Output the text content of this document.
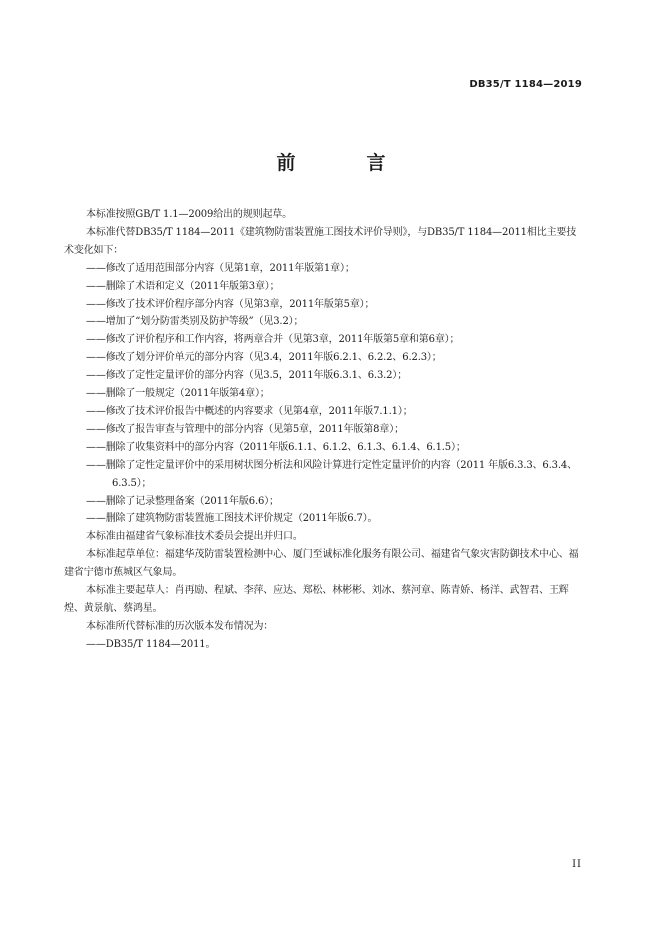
DB35/T 1184—2019
前　言

本标准按照GB/T 1.1—2009给出的规则起草。

本标准代替DB35/T 1184—2011《建筑物防雷装置施工图技术评价导则》，与DB35/T 1184—2011相比主要技术变化如下：

——修改了适用范围部分内容（见第1章，2011年版第1章）；

——删除了术语和定义（2011年版第3章）；

——修改了技术评价程序部分内容（见第3章，2011年版第5章）；

——增加了“划分防雷类别及防护等级”（见3.2）；

——修改了评价程序和工作内容，将两章合并（见第3章，2011年版第5章和第6章）；

——修改了划分评价单元的部分内容（见3.4，2011年版6.2.1、6.2.2、6.2.3）；

——修改了定性定量评价的部分内容（见3.5，2011年版6.3.1、6.3.2）；

——删除了一般规定（2011年版第4章）；

——修改了技术评价报告中概述的内容要求（见第4章，2011年版7.1.1）；

——修改了报告审查与管理中的部分内容（见第5章，2011年版第8章）；

——删除了收集资料中的部分内容（2011年版6.1.1、6.1.2、6.1.3、6.1.4、6.1.5）；

——删除了定性定量评价中的采用树状图分析法和风险计算进行定性定量评价的内容（2011 年版6.3.3、6.3.4、6.3.5）；

——删除了记录整理备案（2011年版6.6）；

——删除了建筑物防雷装置施工图技术评价规定（2011年版6.7）。

本标准由福建省气象标准技术委员会提出并归口。

本标准起草单位：福建华茂防雷装置检测中心、厦门至诚标准化服务有限公司、福建省气象灾害防御技术中心、福建省宁德市蕉城区气象局。

本标准主要起草人：肖再励、程斌、李萍、应达、郑松、林彬彬、刘冰、蔡河章、陈青娇、杨洋、武智君、王辉煌、黄景航、蔡鸿星。

本标准所代替标准的历次版本发布情况为：

——DB35/T 1184—2011。

II
